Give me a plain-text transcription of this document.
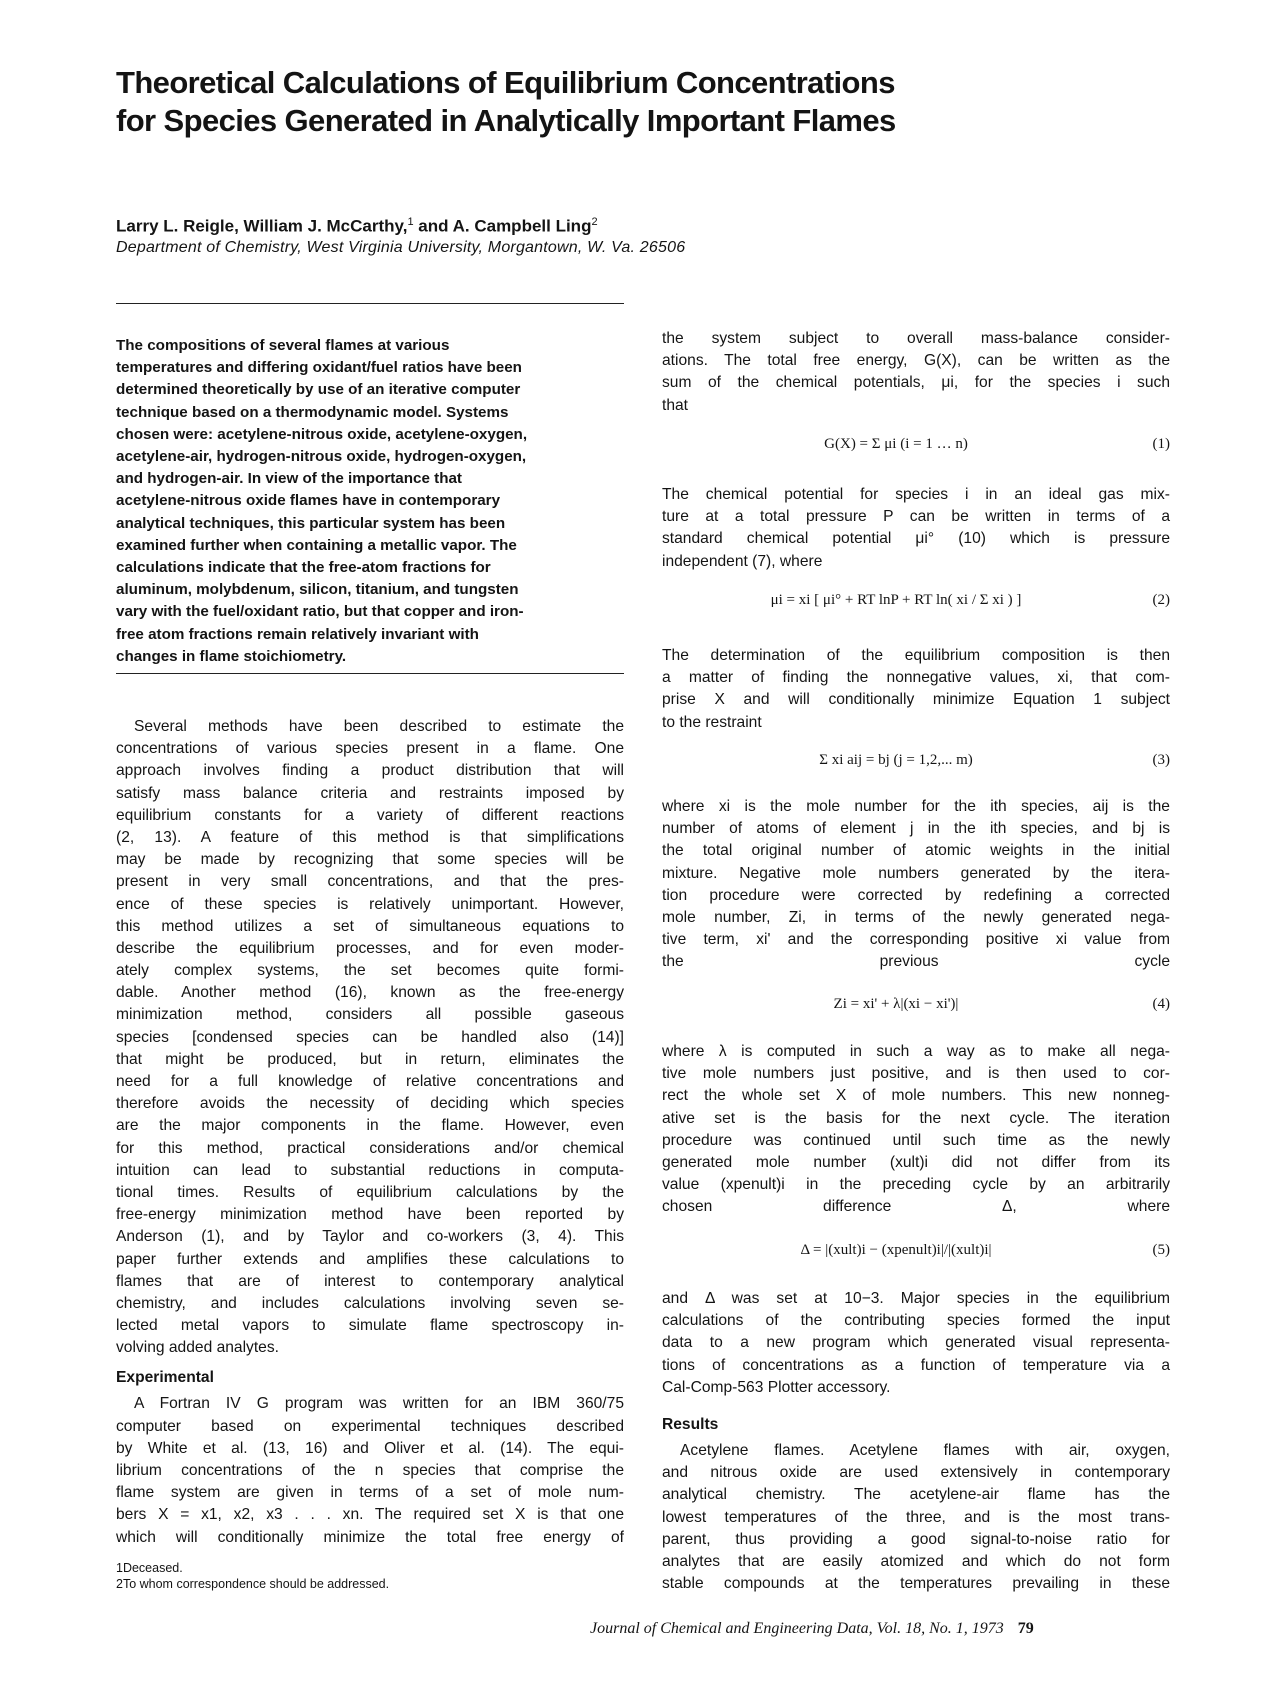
Theoretical Calculations of Equilibrium Concentrations
for Species Generated in Analytically Important Flames
Larry L. Reigle, William J. McCarthy,$^1$ and A. Campbell Ling$^2$
Department of Chemistry, West Virginia University, Morgantown, W. Va. 26506
The compositions of several flames at various
temperatures and differing oxidant/fuel ratios have been
determined theoretically by use of an iterative computer
technique based on a thermodynamic model. Systems
chosen were: acetylene-nitrous oxide, acetylene-oxygen,
acetylene-air, hydrogen-nitrous oxide, hydrogen-oxygen,
and hydrogen-air. In view of the importance that
acetylene-nitrous oxide flames have in contemporary
analytical techniques, this particular system has been
examined further when containing a metallic vapor. The
calculations indicate that the free-atom fractions for
aluminum, molybdenum, silicon, titanium, and tungsten
vary with the fuel/oxidant ratio, but that copper and iron-
free atom fractions remain relatively invariant with
changes in flame stoichiometry.
Several methods have been described to estimate the
concentrations of various species present in a flame. One
approach involves finding a product distribution that will
satisfy mass balance criteria and restraints imposed by
equilibrium constants for a variety of different reactions
(2, 13). A feature of this method is that simplifications
may be made by recognizing that some species will be
present in very small concentrations, and that the pres-
ence of these species is relatively unimportant. However,
this method utilizes a set of simultaneous equations to
describe the equilibrium processes, and for even moder-
ately complex systems, the set becomes quite formi-
dable. Another method (16), known as the free-energy
minimization method, considers all possible gaseous
species [condensed species can be handled also (14)]
that might be produced, but in return, eliminates the
need for a full knowledge of relative concentrations and
therefore avoids the necessity of deciding which species
are the major components in the flame. However, even
for this method, practical considerations and/or chemical
intuition can lead to substantial reductions in computa-
tional times. Results of equilibrium calculations by the
free-energy minimization method have been reported by
Anderson (1), and by Taylor and co-workers (3, 4). This
paper further extends and amplifies these calculations to
flames that are of interest to contemporary analytical
chemistry, and includes calculations involving seven se-
lected metal vapors to simulate flame spectroscopy in-
volving added analytes.
Experimental
A Fortran IV G program was written for an IBM 360/75
computer based on experimental techniques described
by White et al. (13, 16) and Oliver et al. (14). The equi-
librium concentrations of the n species that comprise the
flame system are given in terms of a set of mole num-
bers X = x1, x2, x3 . . . xn. The required set X is that one
which will conditionally minimize the total free energy of
1Deceased.
2To whom correspondence should be addressed.
the system subject to overall mass-balance consider-
ations. The total free energy, G(X), can be written as the
sum of the chemical potentials, μi, for the species i such
that
G(X) = Σ μi (i = 1 … n)	(1)
The chemical potential for species i in an ideal gas mix-
ture at a total pressure P can be written in terms of a
standard chemical potential μi° (10) which is pressure
independent (7), where
μi = xi [ μi° + RT lnP + RT ln( xi / Σ xi ) ]	(2)
The determination of the equilibrium composition is then
a matter of finding the nonnegative values, xi, that com-
prise X and will conditionally minimize Equation 1 subject
to the restraint
Σ xi aij = bj (j = 1,2,... m)	(3)
where xi is the mole number for the ith species, aij is the
number of atoms of element j in the ith species, and bj is
the total original number of atomic weights in the initial
mixture. Negative mole numbers generated by the itera-
tion procedure were corrected by redefining a corrected
mole number, Zi, in terms of the newly generated nega-
tive term, xi' and the corresponding positive xi value from
the previous cycle
Zi = xi' + λ|(xi − xi')|	(4)
where λ is computed in such a way as to make all nega-
tive mole numbers just positive, and is then used to cor-
rect the whole set X of mole numbers. This new nonneg-
ative set is the basis for the next cycle. The iteration
procedure was continued until such time as the newly
generated mole number (xult)i did not differ from its
value (xpenult)i in the preceding cycle by an arbitrarily
chosen difference Δ, where
Δ = |(xult)i − (xpenult)i|/|(xult)i|	(5)
and Δ was set at 10−3. Major species in the equilibrium
calculations of the contributing species formed the input
data to a new program which generated visual representa-
tions of concentrations as a function of temperature via a
Cal-Comp-563 Plotter accessory.
Results
Acetylene flames. Acetylene flames with air, oxygen,
and nitrous oxide are used extensively in contemporary
analytical chemistry. The acetylene-air flame has the
lowest temperatures of the three, and is the most trans-
parent, thus providing a good signal-to-noise ratio for
analytes that are easily atomized and which do not form
stable compounds at the temperatures prevailing in these
Journal of Chemical and Engineering Data, Vol. 18, No. 1, 1973 79
